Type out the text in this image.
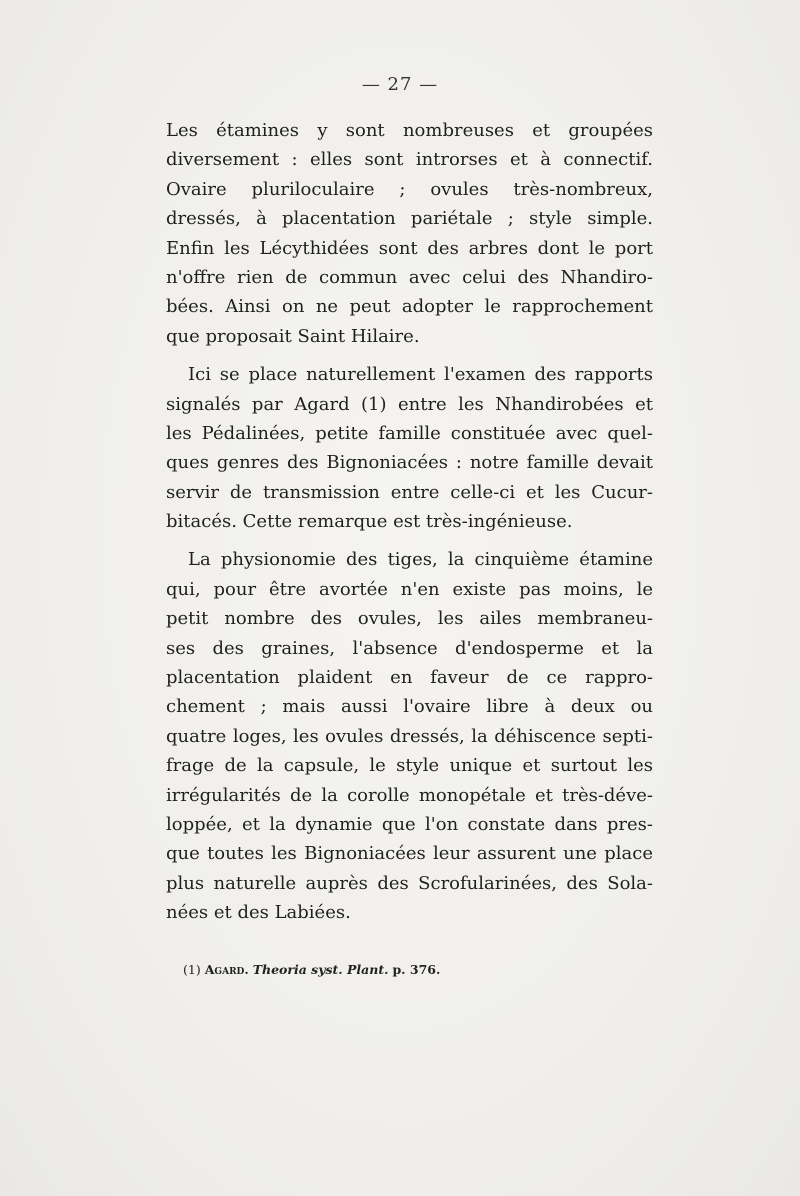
— 27 —
Les étamines y sont nombreuses et groupées
diversement : elles sont introrses et à connectif.
Ovaire pluriloculaire ; ovules très-nombreux,
dressés, à placentation pariétale ; style simple.
Enfin les Lécythidées sont des arbres dont le port
n'offre rien de commun avec celui des Nhandiro-
bées. Ainsi on ne peut adopter le rapprochement
que proposait Saint Hilaire.
Ici se place naturellement l'examen des rapports
signalés par Agard (1) entre les Nhandirobées et
les Pédalinées, petite famille constituée avec quel-
ques genres des Bignoniacées : notre famille devait
servir de transmission entre celle-ci et les Cucur-
bitacés. Cette remarque est très-ingénieuse.
La physionomie des tiges, la cinquième étamine
qui, pour être avortée n'en existe pas moins, le
petit nombre des ovules, les ailes membraneu-
ses des graines, l'absence d'endosperme et la
placentation plaident en faveur de ce rappro-
chement ; mais aussi l'ovaire libre à deux ou
quatre loges, les ovules dressés, la déhiscence septi-
frage de la capsule, le style unique et surtout les
irrégularités de la corolle monopétale et très-déve-
loppée, et la dynamie que l'on constate dans pres-
que toutes les Bignoniacées leur assurent une place
plus naturelle auprès des Scrofularinées, des Sola-
nées et des Labiées.
(1) Agard. Theoria syst. Plant. p. 376.
